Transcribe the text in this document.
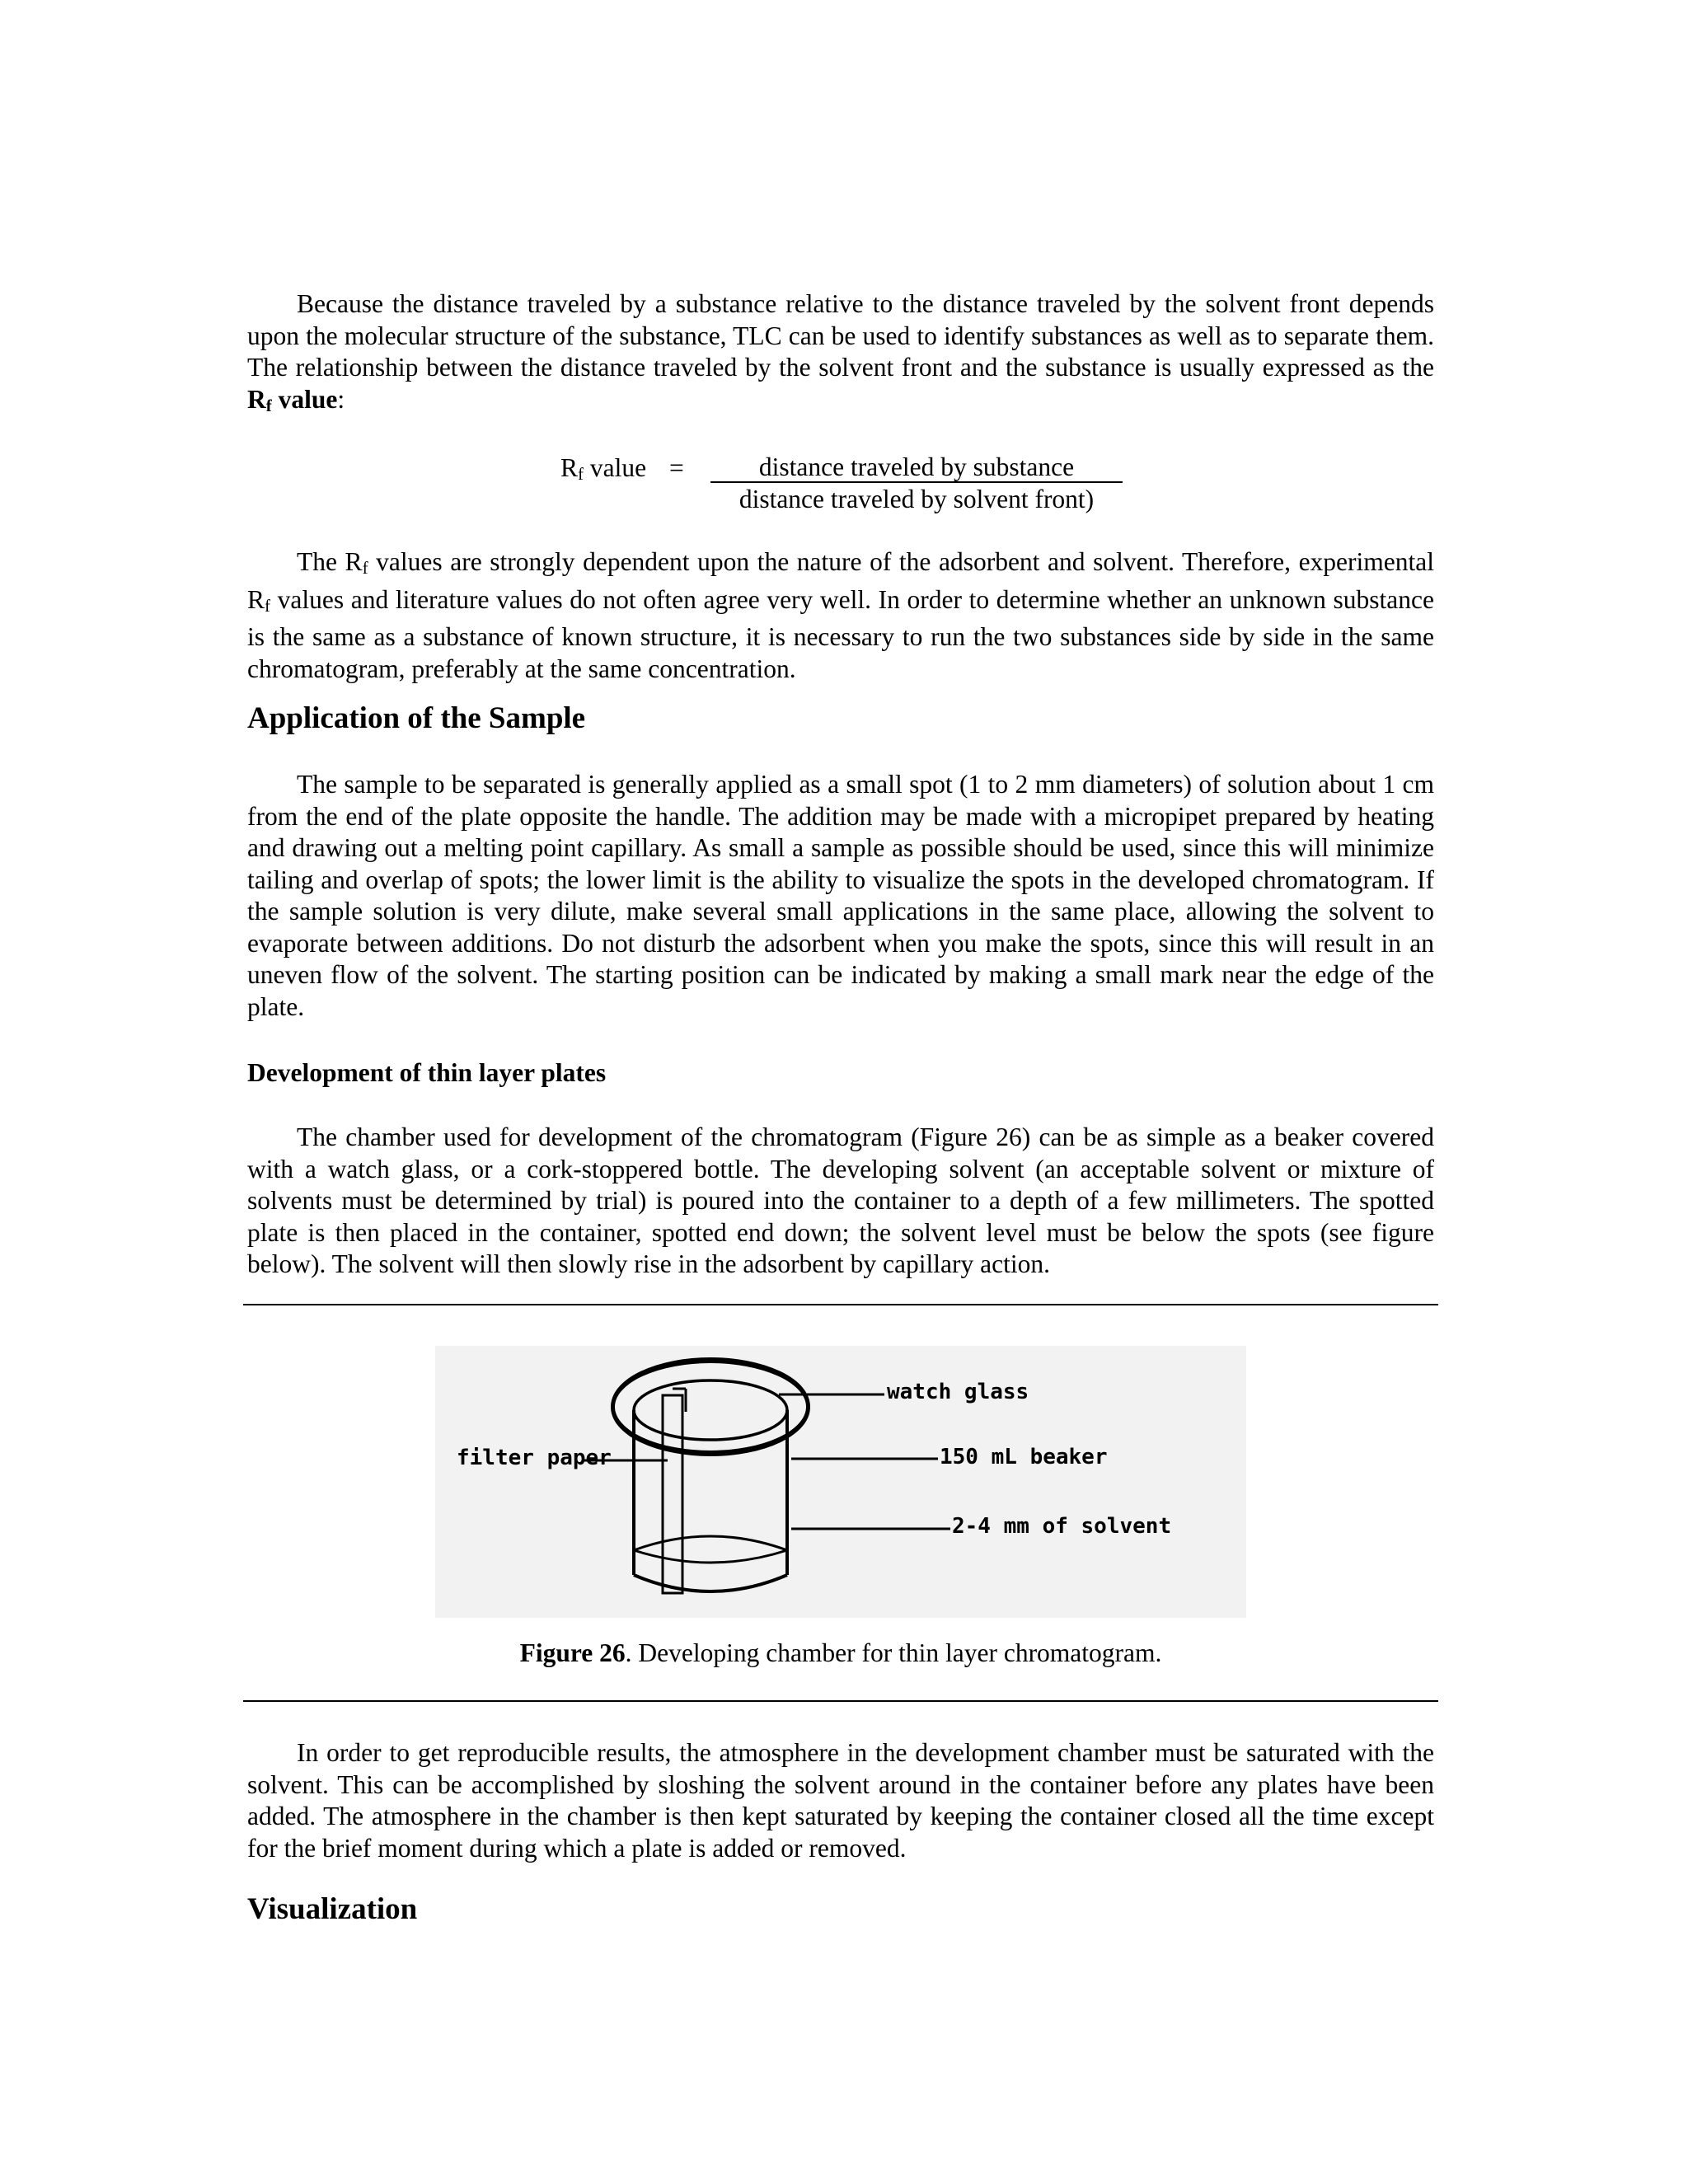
Because the distance traveled by a substance relative to the distance traveled by the solvent front depends upon the molecular structure of the substance, TLC can be used to identify substances as well as to separate them. The relationship between the distance traveled by the solvent front and the substance is usually expressed as the $R_f$ value:

$R_f$ value =	distance traveled by substance
distance traveled by solvent front)

The $R_f$ values are strongly dependent upon the nature of the adsorbent and solvent. Therefore, experimental $R_f$ values and literature values do not often agree very well. In order to determine whether an unknown substance is the same as a substance of known structure, it is necessary to run the two substances side by side in the same chromatogram, preferably at the same concentration.

Application of the Sample

The sample to be separated is generally applied as a small spot (1 to 2 mm diameters) of solution about 1 cm from the end of the plate opposite the handle. The addition may be made with a micropipet prepared by heating and drawing out a melting point capillary. As small a sample as possible should be used, since this will minimize tailing and overlap of spots; the lower limit is the ability to visualize the spots in the developed chromatogram. If the sample solution is very dilute, make several small applications in the same place, allowing the solvent to evaporate between additions. Do not disturb the adsorbent when you make the spots, since this will result in an uneven flow of the solvent. The starting position can be indicated by making a small mark near the edge of the plate.

Development of thin layer plates

The chamber used for development of the chromatogram (Figure 26) can be as simple as a beaker covered with a watch glass, or a cork-stoppered bottle. The developing solvent (an acceptable solvent or mixture of solvents must be determined by trial) is poured into the container to a depth of a few millimeters. The spotted plate is then placed in the container, spotted end down; the solvent level must be below the spots (see figure below). The solvent will then slowly rise in the adsorbent by capillary action.

watch glass
filter paper	150 mL beaker
2-4 mm of solvent
Figure 26. Developing chamber for thin layer chromatogram.

In order to get reproducible results, the atmosphere in the development chamber must be saturated with the solvent. This can be accomplished by sloshing the solvent around in the container before any plates have been added. The atmosphere in the chamber is then kept saturated by keeping the container closed all the time except for the brief moment during which a plate is added or removed.

Visualization
